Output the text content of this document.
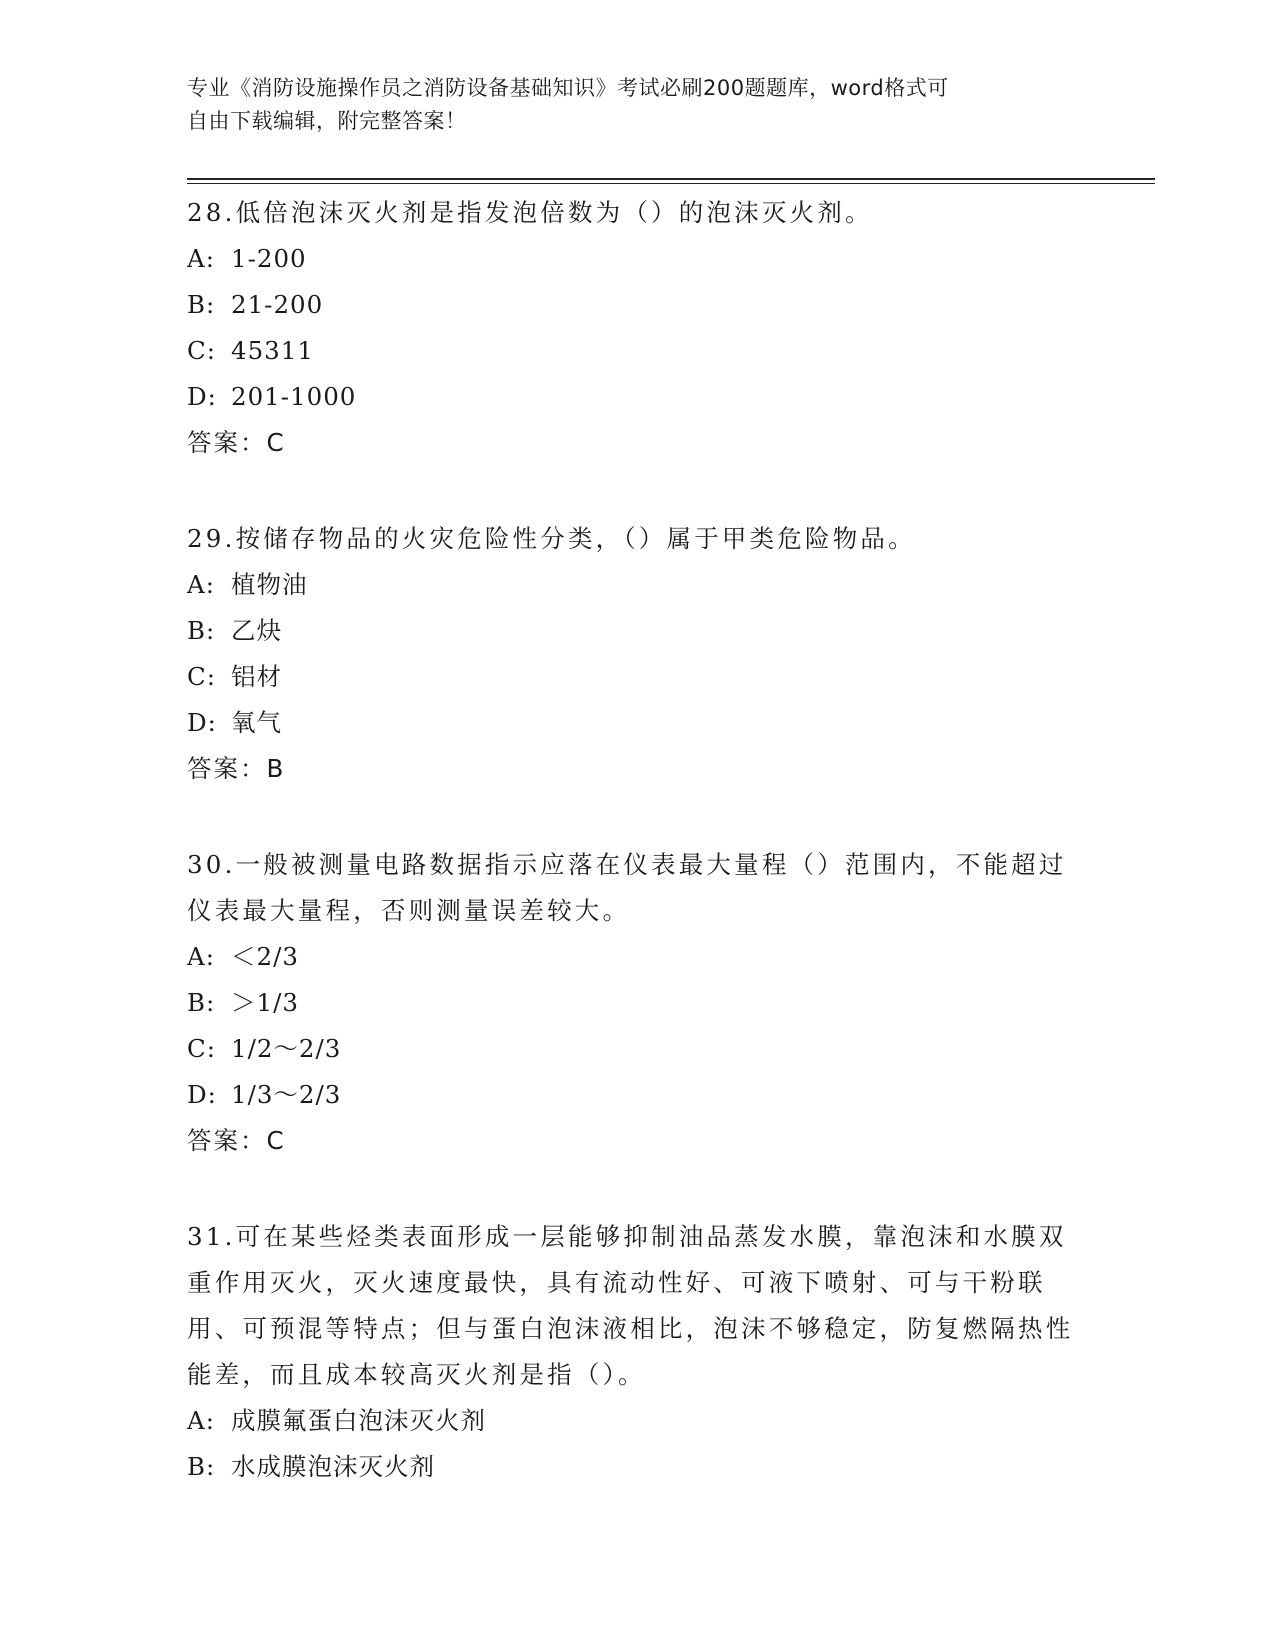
专业《消防设施操作员之消防设备基础知识》考试必刷200题题库，word格式可
自由下载编辑，附完整答案！
28.低倍泡沫灭火剂是指发泡倍数为（）的泡沫灭火剂。
A: 1-200
B: 21-200
C: 45311
D: 201-1000
答案：C
29.按储存物品的火灾危险性分类，（）属于甲类危险物品。
A: 植物油
B: 乙炔
C: 铝材
D: 氧气
答案：B
30.一般被测量电路数据指示应落在仪表最大量程（）范围内，不能超过仪表最大量程，否则测量误差较大。
A: ＜2/3
B: ＞1/3
C: 1/2～2/3
D: 1/3～2/3
答案：C
31.可在某些烃类表面形成一层能够抑制油品蒸发水膜，靠泡沫和水膜双重作用灭火，灭火速度最快，具有流动性好、可液下喷射、可与干粉联用、可预混等特点；但与蛋白泡沫液相比，泡沫不够稳定，防复燃隔热性能差，而且成本较高灭火剂是指（）。
A: 成膜氟蛋白泡沫灭火剂
B: 水成膜泡沫灭火剂
